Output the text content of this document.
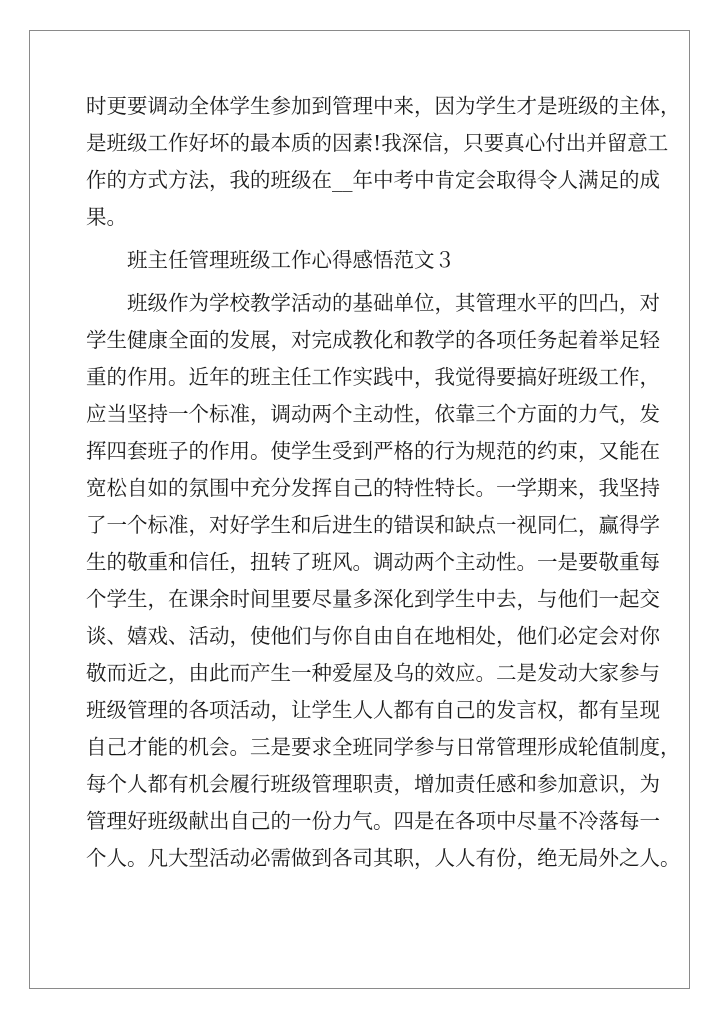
时更要调动全体学生参加到管理中来，因为学生才是班级的主体，
是班级工作好坏的最本质的因素!我深信，只要真心付出并留意工
作的方式方法，我的班级在__年中考中肯定会取得令人满足的成
果。
班主任管理班级工作心得感悟范文３
班级作为学校教学活动的基础单位，其管理水平的凹凸，对
学生健康全面的发展，对完成教化和教学的各项任务起着举足轻
重的作用。近年的班主任工作实践中，我觉得要搞好班级工作，
应当坚持一个标准，调动两个主动性，依靠三个方面的力气，发
挥四套班子的作用。使学生受到严格的行为规范的约束，又能在
宽松自如的氛围中充分发挥自己的特性特长。一学期来，我坚持
了一个标准，对好学生和后进生的错误和缺点一视同仁，赢得学
生的敬重和信任，扭转了班风。调动两个主动性。一是要敬重每
个学生，在课余时间里要尽量多深化到学生中去，与他们一起交
谈、嬉戏、活动，使他们与你自由自在地相处，他们必定会对你
敬而近之，由此而产生一种爱屋及乌的效应。二是发动大家参与
班级管理的各项活动，让学生人人都有自己的发言权，都有呈现
自己才能的机会。三是要求全班同学参与日常管理形成轮值制度，
每个人都有机会履行班级管理职责，增加责任感和参加意识，为
管理好班级献出自己的一份力气。四是在各项中尽量不冷落每一
个人。凡大型活动必需做到各司其职，人人有份，绝无局外之人。
